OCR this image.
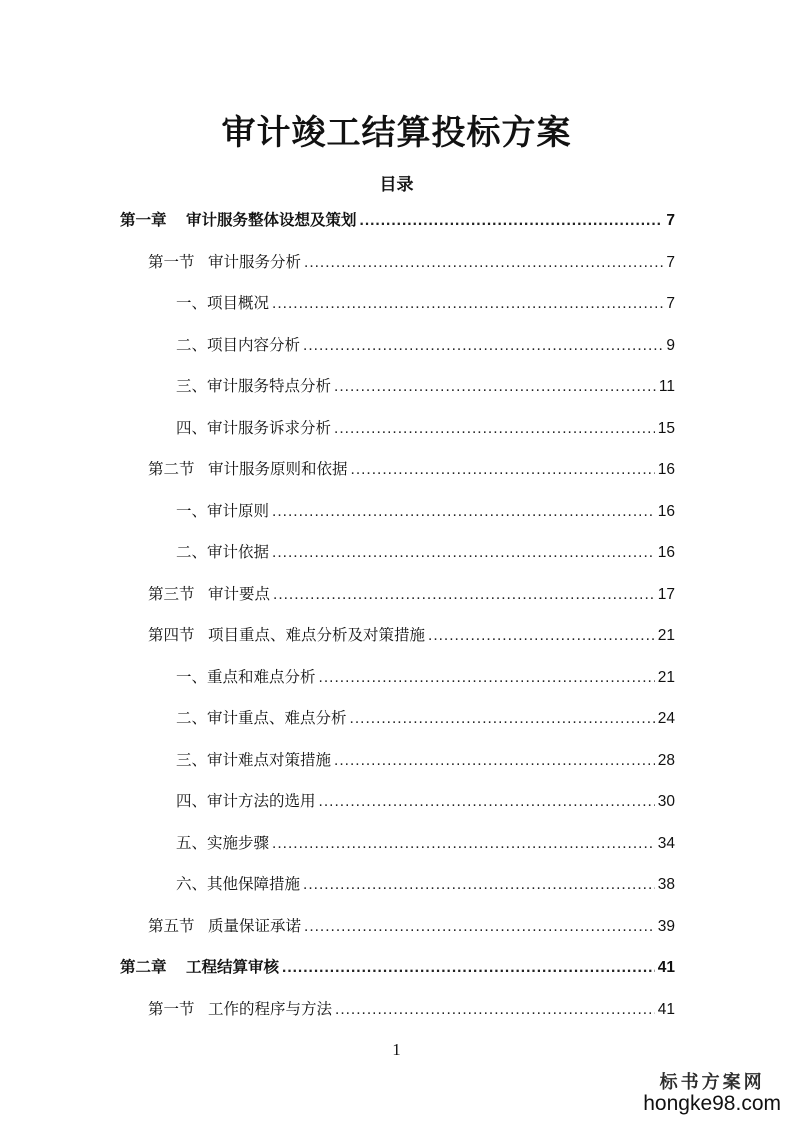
审计竣工结算投标方案
目录
第一章	审计服务整体设想及策划 .....	7
第一节 审计服务分析 .....	7
一、 项目概况 .....	7
二、 项目内容分析 .....	9
三、 审计服务特点分析 .....	11
四、 审计服务诉求分析 .....	15
第二节 审计服务原则和依据 .....	16
一、 审计原则 .....	16
二、 审计依据 .....	16
第三节 审计要点 .....	17
第四节 项目重点、难点分析及对策措施 .....	21
一、 重点和难点分析 .....	21
二、 审计重点、难点分析 .....	24
三、 审计难点对策措施 .....	28
四、 审计方法的选用 .....	30
五、 实施步骤 .....	34
六、 其他保障措施 .....	38
第五节 质量保证承诺 .....	39
第二章	工程结算审核 .....	41
第一节 工作的程序与方法 .....	41
1
标书方案网
hongke98.com
